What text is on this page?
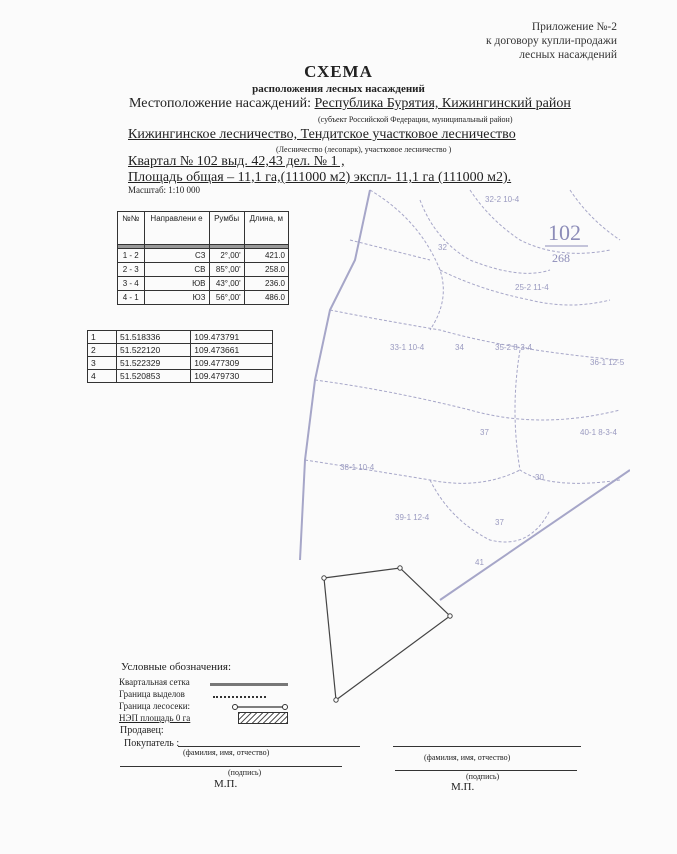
Приложение №-2
к договору купли-продажи
лесных насаждений
СХЕМА
расположения лесных насаждений
Местоположение насаждений: Республика Бурятия, Кижингинский район
(субъект Российской Федерации, муниципальный район)
Кижингинское лесничество, Тендитское участковое лесничество
(Лесничество (лесопарк), участковое лесничество )
Квартал № 102 выд. 42,43 дел. № 1 ,
Площадь общая – 11,1 га,(111000 м2) экспл- 11,1 га (111000 м2).
Масштаб: 1:10 000
№№	Направлени е	Румбы	Длина, м

1 - 2	СЗ	2°,00'	421.0
2 - 3	СВ	85°,00'	258.0
3 - 4	ЮВ	43°,00'	236.0
4 - 1	ЮЗ	56°,00'	486.0
1	51.518336	109.473791
2	51.522120	109.473661
3	51.522329	109.477309
4	51.520853	109.479730
32-2 10-4
32
25-2 11-4
33-1 10-4	34	35-2 8-3-4
36-1 12-5
37	40-1 8-3-4
38-1 10-4
30
39-1 12-4
37
41
102
268
Условные обозначения:
Квартальная сетка
Граница выделов
Граница лесосеки:
НЭП площадь 0 га
Продавец:
Покупатель :
(фамилия, имя, отчество)
(фамилия, имя, отчество)
(подпись)	(подпись)
М.П.	М.П.
